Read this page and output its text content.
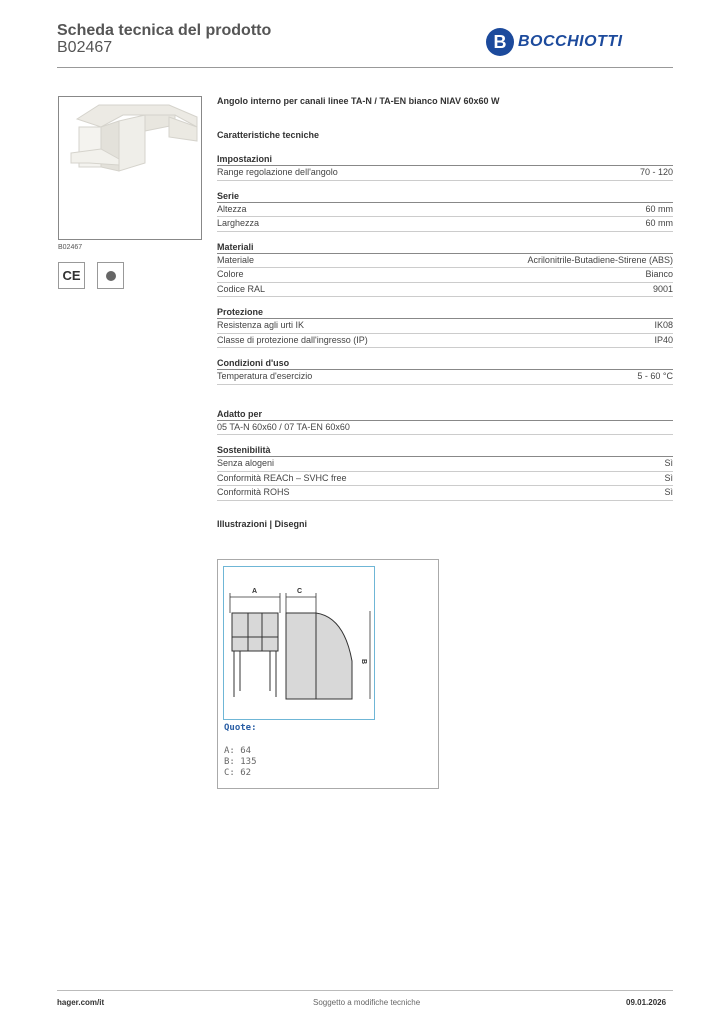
Scheda tecnica del prodotto
B02467	B BOCCHIOTTI
B02467
CE
Angolo interno per canali linee TA-N / TA-EN bianco NIAV 60x60 W
Caratteristiche tecniche
Impostazioni
Range regolazione dell'angolo	70 - 120
Serie
Altezza	60 mm
Larghezza	60 mm
Materiali
Materiale	Acrilonitrile-Butadiene-Stirene (ABS)
Colore	Bianco
Codice RAL	9001
Protezione
Resistenza agli urti IK	IK08
Classe di protezione dall'ingresso (IP)	IP40
Condizioni d'uso
Temperatura d'esercizio	5 - 60 °C
Adatto per
05 TA-N 60x60 / 07 TA-EN 60x60
Sostenibilità
Senza alogeni	Sì
Conformità REACh – SVHC free	Sì
Conformità ROHS	Sì
Illustrazioni | Disegni
A	C
B
Quote:
A: 64
B: 135
C: 62
hager.com/it	Soggetto a modifiche tecniche	09.01.2026
